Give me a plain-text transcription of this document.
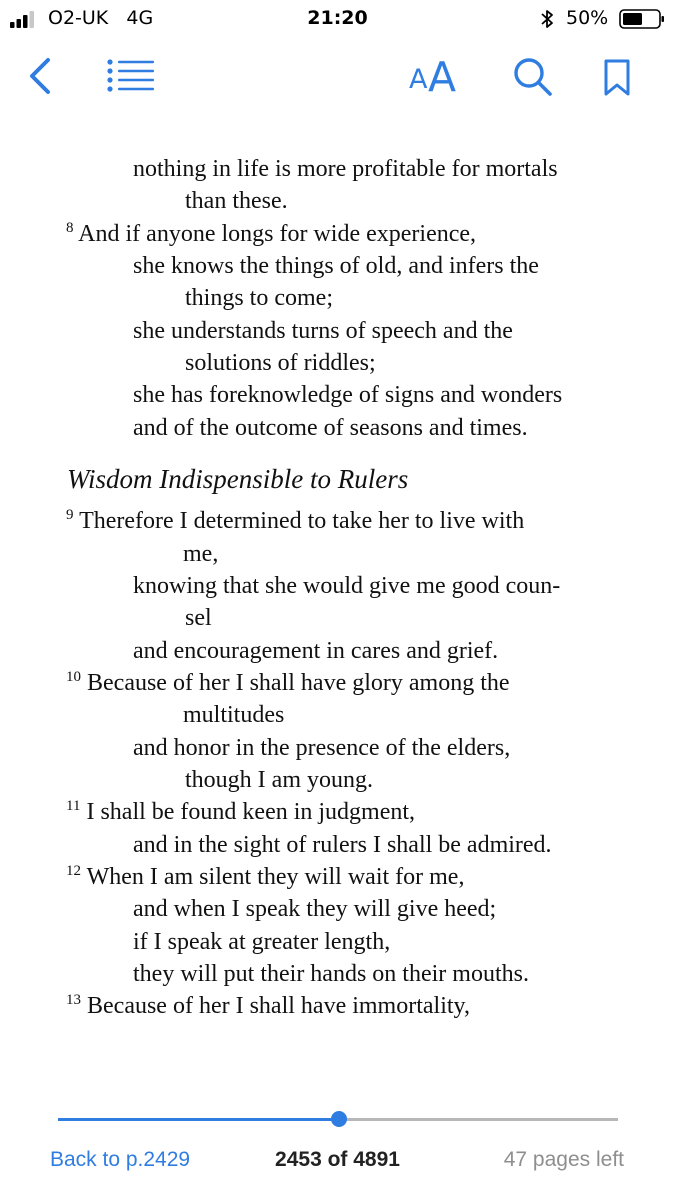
O2-UK 4G	21:20	50%
A A
nothing in life is more profitable for mortals
than these.
$^8$ And if anyone longs for wide experience,
she knows the things of old, and infers the
things to come;
she understands turns of speech and the
solutions of riddles;
she has foreknowledge of signs and wonders
and of the outcome of seasons and times.
Wisdom Indispensible to Rulers
$^9$ Therefore I determined to take her to live with
me,
knowing that she would give me good coun-
sel
and encouragement in cares and grief.
$^{10}$ Because of her I shall have glory among the
multitudes
and honor in the presence of the elders,
though I am young.
$^{11}$ I shall be found keen in judgment,
and in the sight of rulers I shall be admired.
$^{12}$ When I am silent they will wait for me,
and when I speak they will give heed;
if I speak at greater length,
they will put their hands on their mouths.
$^{13}$ Because of her I shall have immortality,
Back to p.2429	2453 of 4891	47 pages left
